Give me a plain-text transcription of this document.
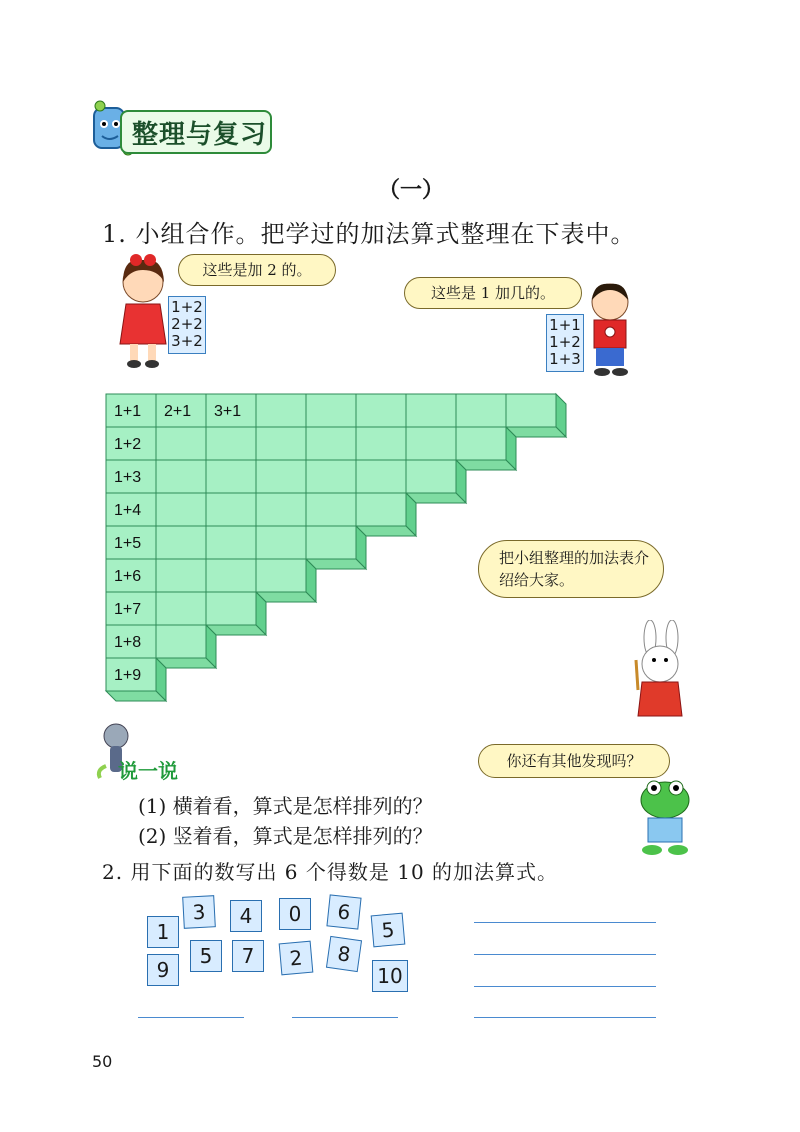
整理与复习
（一）
1. 小组合作。把学过的加法算式整理在下表中。
这些是加 2 的。
1+2
2+2
3+2
这些是 1 加几的。
1+1
1+2
1+3
1+1 2+1 3+1
1+2
1+3
1+4
1+5
1+6
1+7
1+8
1+9
把小组整理的加法表介绍给大家。
说一说
(1) 横着看，算式是怎样排列的？
(2) 竖着看，算式是怎样排列的？
你还有其他发现吗？
2. 用下面的数写出 6 个得数是 10 的加法算式。
1
3	4	0	6
5
9
5	7	2	8
10
50
